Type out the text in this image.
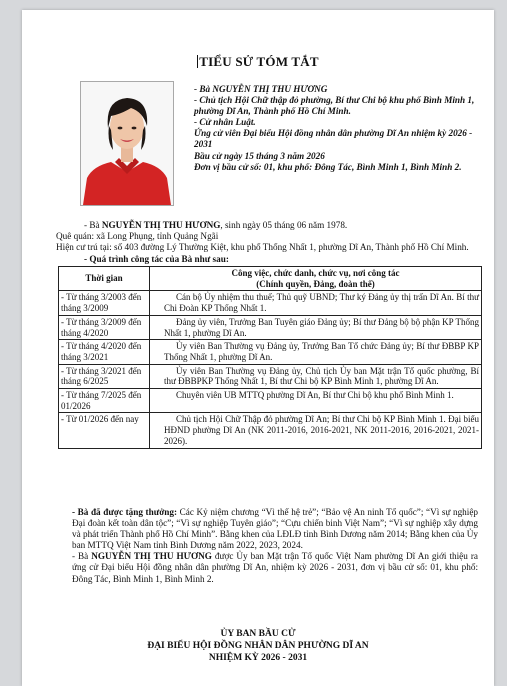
TIỂU SỬ TÓM TẮT

- Bà NGUYỄN THỊ THU HƯƠNG

- Chủ tịch Hội Chữ thập đỏ phường, Bí thư Chi bộ khu phố Bình Minh 1, phường Dĩ An, Thành phố Hồ Chí Minh.

- Cử nhân Luật.

Ứng cử viên Đại biểu Hội đồng nhân dân phường Dĩ An nhiệm kỳ 2026 - 2031

Bầu cử ngày 15 tháng 3 năm 2026

Đơn vị bầu cử số: 01, khu phố: Đông Tác, Bình Minh 1, Bình Minh 2.

- Bà NGUYỄN THỊ THU HƯƠNG, sinh ngày 05 tháng 06 năm 1978.

Quê quán: xã Long Phụng, tỉnh Quảng Ngãi

Hiện cư trú tại: số 403 đường Lý Thường Kiệt, khu phố Thống Nhất 1, phường Dĩ An, Thành phố Hồ Chí Minh.

- Quá trình công tác của Bà như sau:

Thời gian	Công việc, chức danh, chức vụ, nơi công tác
(Chính quyền, Đảng, đoàn thể)
- Từ tháng 3/2003 đến tháng 3/2009	Cán bộ Ủy nhiệm thu thuế; Thủ quỹ UBND; Thư ký Đảng ủy thị trấn Dĩ An. Bí thư Chi Đoàn KP Thống Nhất 1.
- Từ tháng 3/2009 đến tháng 4/2020	Đảng ủy viên, Trưởng Ban Tuyên giáo Đảng ủy; Bí thư Đảng bộ bộ phận KP Thống Nhất 1, phường Dĩ An.
- Từ tháng 4/2020 đến tháng 3/2021	Ủy viên Ban Thường vụ Đảng ủy, Trưởng Ban Tổ chức Đảng ủy; Bí thư ĐBBP KP Thống Nhất 1, phường Dĩ An.
- Từ tháng 3/2021 đến tháng 6/2025	Ủy viên Ban Thường vụ Đảng ủy, Chủ tịch Ủy ban Mặt trận Tổ quốc phường, Bí thư ĐBBPKP Thống Nhất 1, Bí thư Chi bộ KP Bình Minh 1, phường Dĩ An.
- Từ tháng 7/2025 đến 01/2026	Chuyên viên UB MTTQ phường Dĩ An, Bí thư Chi bộ khu phố Bình Minh 1.
- Từ 01/2026 đến nay	Chủ tịch Hội Chữ Thập đỏ phường Dĩ An; Bí thư Chi bộ KP Bình Minh 1. Đại biểu HĐND phường Dĩ An (NK 2011-2016, 2016-2021, NK 2011-2016, 2016-2021, 2021-2026).

- Bà đã được tặng thưởng: Các Kỷ niệm chương “Vì thế hệ trẻ”; “Bảo vệ An ninh Tổ quốc”; “Vì sự nghiệp Đại đoàn kết toàn dân tộc”; “Vì sự nghiệp Tuyên giáo”; “Cựu chiến binh Việt Nam”; “Vì sự nghiệp xây dựng và phát triển Thành phố Hồ Chí Minh”. Bằng khen của LĐLĐ tỉnh Bình Dương năm 2014; Bằng khen của Ủy ban MTTQ Việt Nam tỉnh Bình Dương năm 2022, 2023, 2024.

- Bà NGUYỄN THỊ THU HƯƠNG được Ủy ban Mặt trận Tổ quốc Việt Nam phường Dĩ An giới thiệu ra ứng cử Đại biểu Hội đồng nhân dân phường Dĩ An, nhiệm kỳ 2026 - 2031, đơn vị bầu cử số: 01, khu phố: Đông Tác, Bình Minh 1, Bình Minh 2.

ỦY BAN BẦU CỬ

ĐẠI BIỂU HỘI ĐỒNG NHÂN DÂN PHƯỜNG DĨ AN

NHIỆM KỲ 2026 - 2031
